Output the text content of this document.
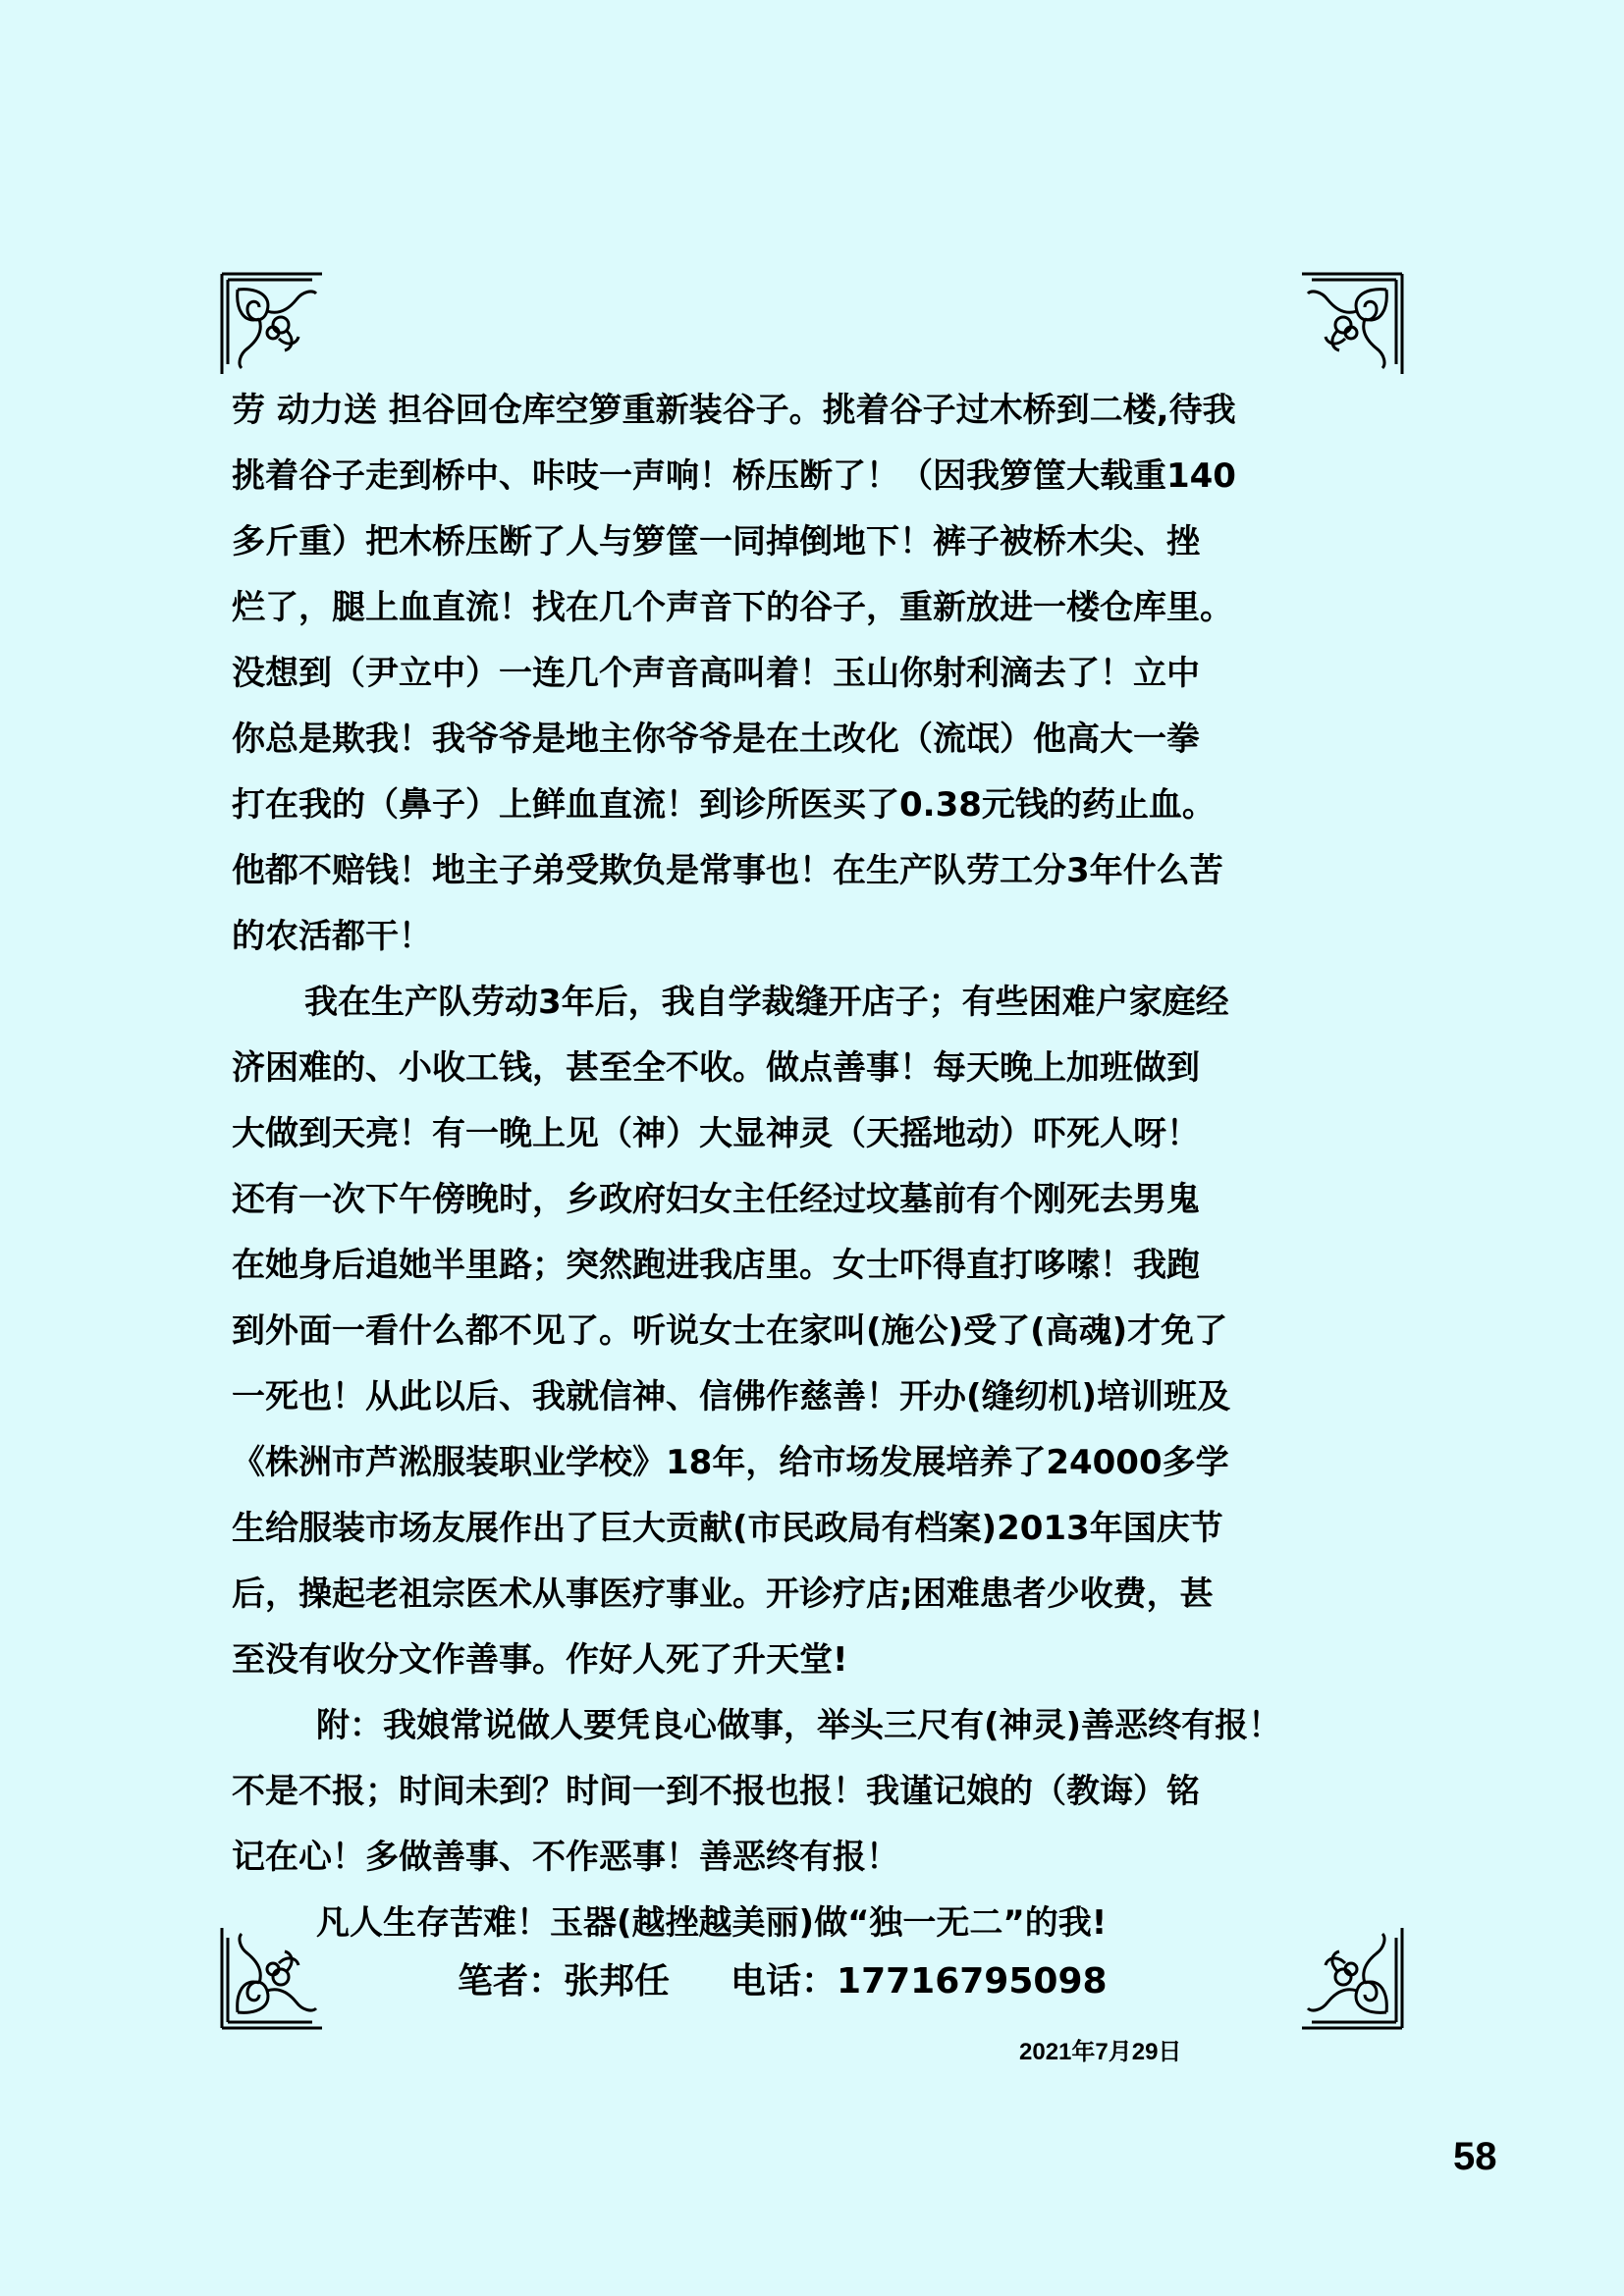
劳 动力送 担谷回仓库空箩重新装谷子。挑着谷子过木桥到二楼,待我
挑着谷子走到桥中、咔吱一声响！桥压断了！（因我箩筐大载重140
多斤重）把木桥压断了人与箩筐一同掉倒地下！裤子被桥木尖、挫
烂了，腿上血直流！找在几个声音下的谷子，重新放进一楼仓库里。
没想到（尹立中）一连几个声音高叫着！玉山你射利滴去了！立中
你总是欺我！我爷爷是地主你爷爷是在土改化（流氓）他高大一拳
打在我的（鼻子）上鲜血直流！到诊所医买了0.38元钱的药止血。
他都不赔钱！地主子弟受欺负是常事也！在生产队劳工分3年什么苦
的农活都干！
我在生产队劳动3年后，我自学裁缝开店子；有些困难户家庭经
济困难的、小收工钱，甚至全不收。做点善事！每天晚上加班做到
大做到天亮！有一晚上见（神）大显神灵（天摇地动）吓死人呀！
还有一次下午傍晚时，乡政府妇女主任经过坟墓前有个刚死去男鬼
在她身后追她半里路；突然跑进我店里。女士吓得直打哆嗦！我跑
到外面一看什么都不见了。听说女士在家叫(施公)受了(高魂)才免了
一死也！从此以后、我就信神、信佛作慈善！开办(缝纫机)培训班及
《株洲市芦淞服装职业学校》18年，给市场发展培养了24000多学
生给服装市场友展作出了巨大贡献(市民政局有档案)2013年国庆节
后，操起老祖宗医术从事医疗事业。开诊疗店;困难患者少收费，甚
至没有收分文作善事。作好人死了升天堂!
附：我娘常说做人要凭良心做事，举头三尺有(神灵)善恶终有报！
不是不报；时间未到？时间一到不报也报！我谨记娘的（教诲）铭
记在心！多做善事、不作恶事！善恶终有报！
凡人生存苦难！玉器(越挫越美丽)做“独一无二”的我!
笔者：张邦任 电话：17716795098
2021年7月29日
58
